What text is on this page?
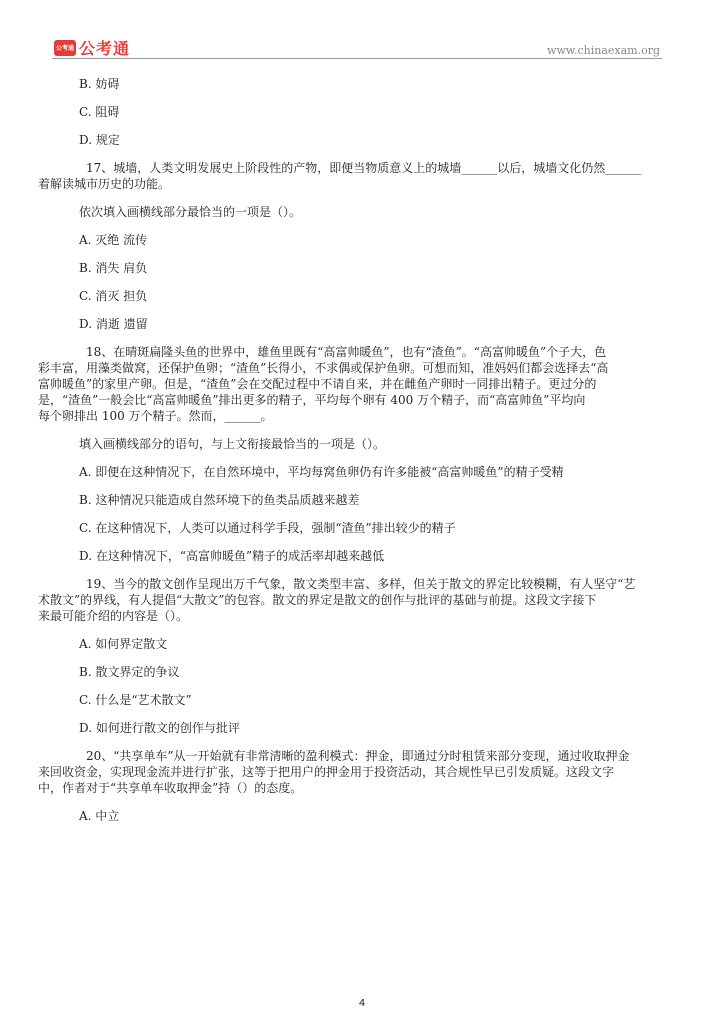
公考通 公考通	www.chinaexam.org
B. 妨碍
C. 阻碍
D. 规定
17、城墙，人类文明发展史上阶段性的产物，即便当物质意义上的城墙______以后，城墙文化仍然______
着解读城市历史的功能。
依次填入画横线部分最恰当的一项是（）。
A. 灭绝 流传
B. 消失 肩负
C. 消灭 担负
D. 消逝 遗留
18、在晴斑扁隆头鱼的世界中，雄鱼里既有“高富帅暖鱼”，也有“渣鱼”。“高富帅暖鱼”个子大，色
彩丰富，用藻类做窝，还保护鱼卵；“渣鱼”长得小，不求偶或保护鱼卵。可想而知，准妈妈们都会选择去“高
富帅暖鱼”的家里产卵。但是，“渣鱼”会在交配过程中不请自来，并在雌鱼产卵时一同排出精子。更过分的
是，“渣鱼”一般会比“高富帅暖鱼”排出更多的精子，平均每个卵有 400 万个精子，而“高富帅鱼”平均向
每个卵排出 100 万个精子。然而，______。
填入画横线部分的语句，与上文衔接最恰当的一项是（）。
A. 即便在这种情况下，在自然环境中，平均每窝鱼卵仍有许多能被“高富帅暖鱼”的精子受精
B. 这种情况只能造成自然环境下的鱼类品质越来越差
C. 在这种情况下，人类可以通过科学手段，强制“渣鱼”排出较少的精子
D. 在这种情况下，“高富帅暖鱼”精子的成活率却越来越低
19、当今的散文创作呈现出万千气象，散文类型丰富、多样，但关于散文的界定比较模糊，有人坚守“艺
术散文”的界线，有人提倡“大散文”的包容。散文的界定是散文的创作与批评的基础与前提。这段文字接下
来最可能介绍的内容是（）。
A. 如何界定散文
B. 散文界定的争议
C. 什么是“艺术散文”
D. 如何进行散文的创作与批评
20、“共享单车”从一开始就有非常清晰的盈利模式：押金，即通过分时租赁来部分变现，通过收取押金
来回收资金，实现现金流并进行扩张，这等于把用户的押金用于投资活动，其合规性早已引发质疑。这段文字
中，作者对于“共享单车收取押金”持（）的态度。
A. 中立
4
